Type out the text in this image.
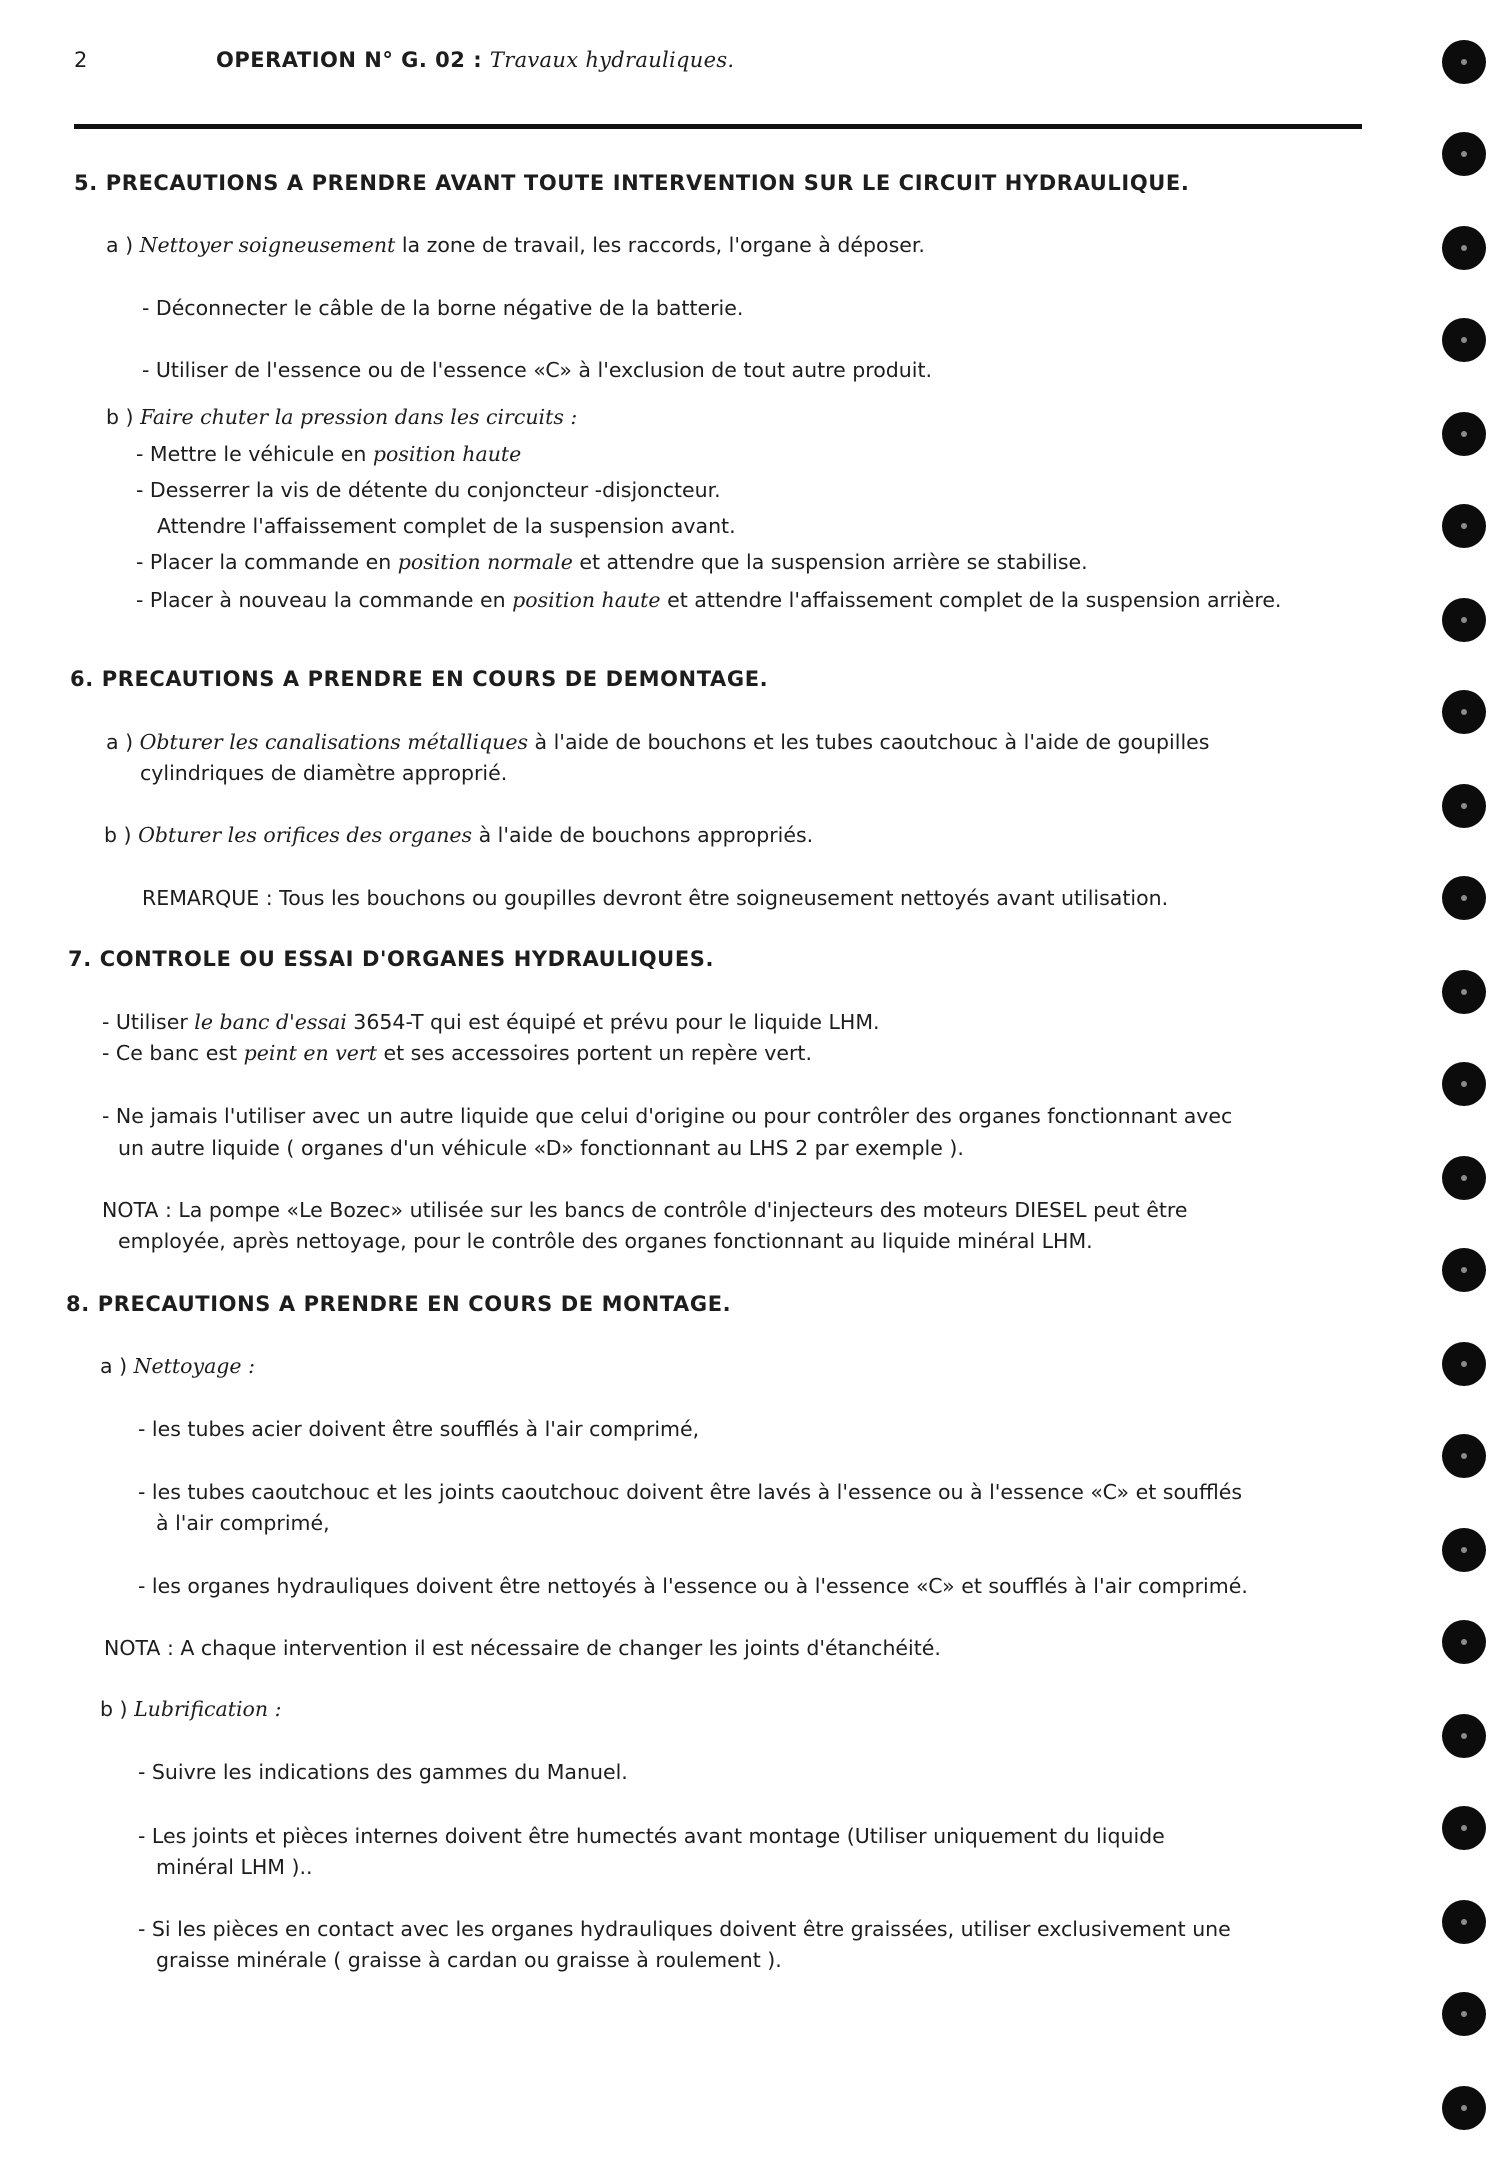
2	OPERATION N° G. 02 : Travaux hydrauliques.
5. PRECAUTIONS A PRENDRE AVANT TOUTE INTERVENTION SUR LE CIRCUIT HYDRAULIQUE.
a ) Nettoyer soigneusement la zone de travail, les raccords, l'organe à déposer.
- Déconnecter le câble de la borne négative de la batterie.
- Utiliser de l'essence ou de l'essence «C» à l'exclusion de tout autre produit.
b ) Faire chuter la pression dans les circuits :
- Mettre le véhicule en position haute
- Desserrer la vis de détente du conjoncteur -disjoncteur.
Attendre l'affaissement complet de la suspension avant.
- Placer la commande en position normale et attendre que la suspension arrière se stabilise.
- Placer à nouveau la commande en position haute et attendre l'affaissement complet de la suspension arrière.
6. PRECAUTIONS A PRENDRE EN COURS DE DEMONTAGE.
a ) Obturer les canalisations métalliques à l'aide de bouchons et les tubes caoutchouc à l'aide de goupilles
cylindriques de diamètre approprié.
b ) Obturer les orifices des organes à l'aide de bouchons appropriés.
REMARQUE : Tous les bouchons ou goupilles devront être soigneusement nettoyés avant utilisation.
7. CONTROLE OU ESSAI D'ORGANES HYDRAULIQUES.
- Utiliser le banc d'essai 3654-T qui est équipé et prévu pour le liquide LHM.
- Ce banc est peint en vert et ses accessoires portent un repère vert.
- Ne jamais l'utiliser avec un autre liquide que celui d'origine ou pour contrôler des organes fonctionnant avec
un autre liquide ( organes d'un véhicule «D» fonctionnant au LHS 2 par exemple ).
NOTA : La pompe «Le Bozec» utilisée sur les bancs de contrôle d'injecteurs des moteurs DIESEL peut être
employée, après nettoyage, pour le contrôle des organes fonctionnant au liquide minéral LHM.
8. PRECAUTIONS A PRENDRE EN COURS DE MONTAGE.
a ) Nettoyage :
- les tubes acier doivent être soufflés à l'air comprimé,
- les tubes caoutchouc et les joints caoutchouc doivent être lavés à l'essence ou à l'essence «C» et soufflés
à l'air comprimé,
- les organes hydrauliques doivent être nettoyés à l'essence ou à l'essence «C» et soufflés à l'air comprimé.
NOTA : A chaque intervention il est nécessaire de changer les joints d'étanchéité.
b ) Lubrification :
- Suivre les indications des gammes du Manuel.
- Les joints et pièces internes doivent être humectés avant montage (Utiliser uniquement du liquide
minéral LHM )..
- Si les pièces en contact avec les organes hydrauliques doivent être graissées, utiliser exclusivement une
graisse minérale ( graisse à cardan ou graisse à roulement ).
